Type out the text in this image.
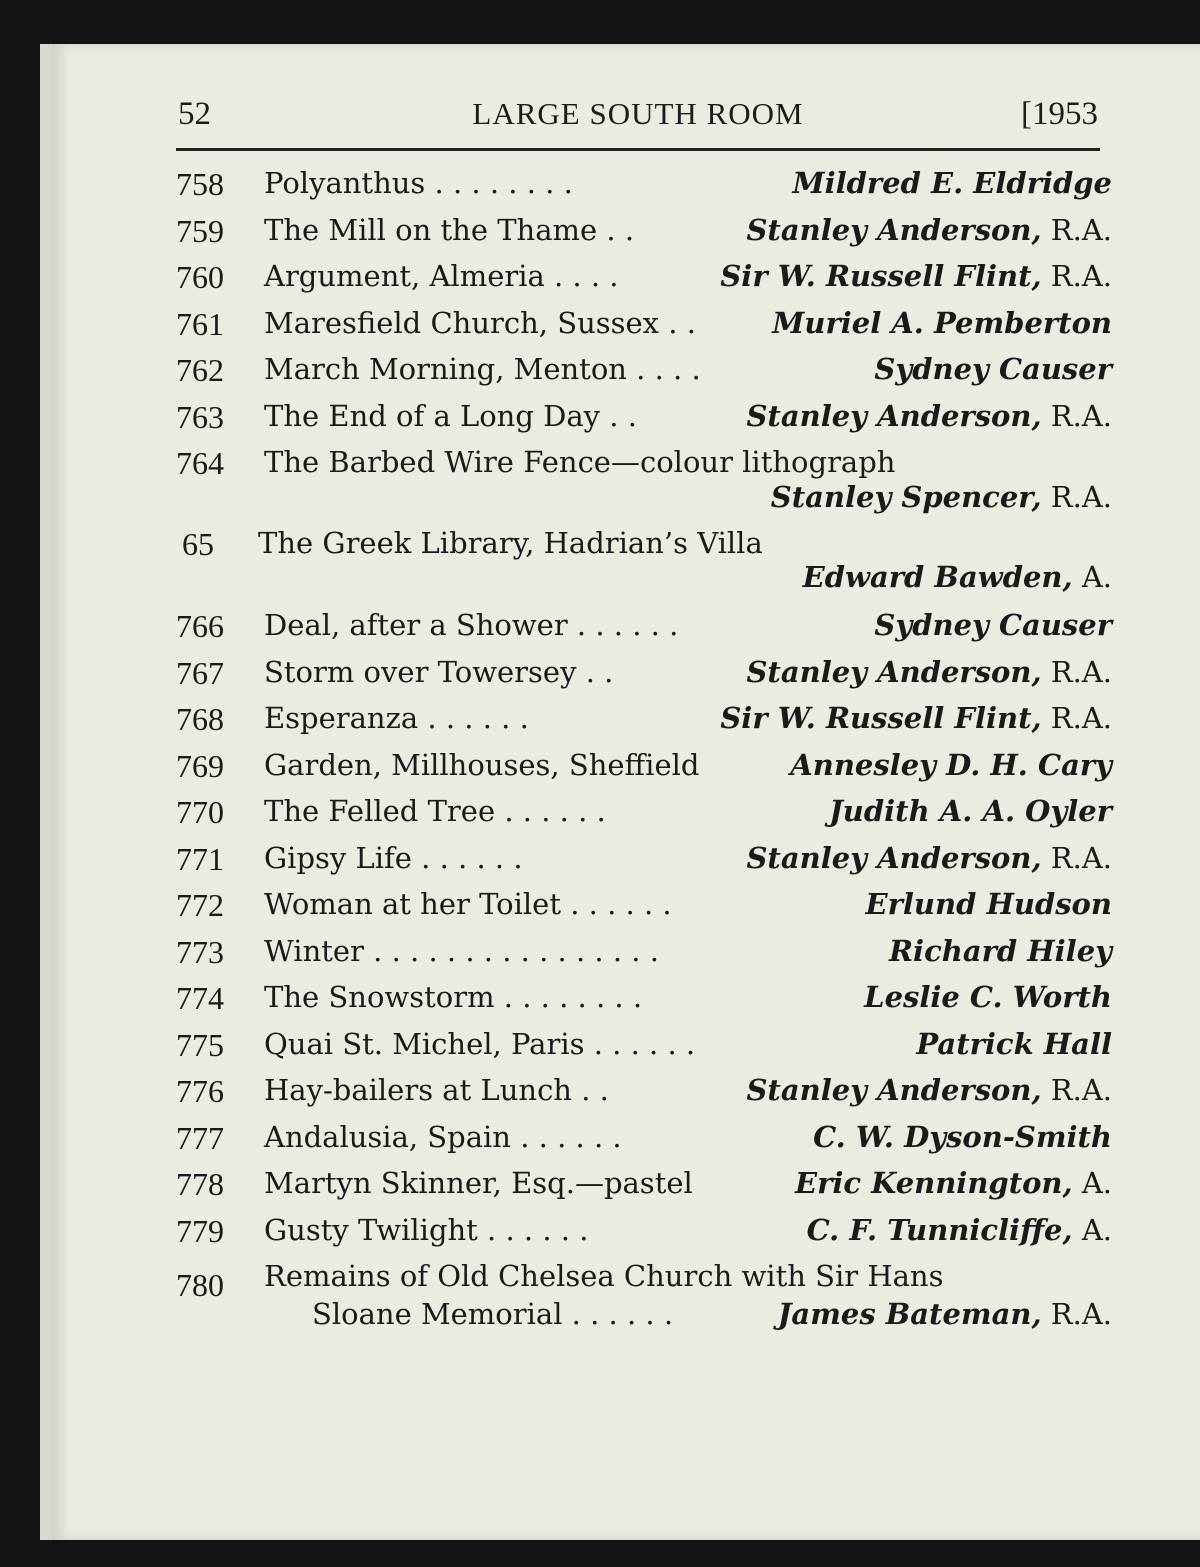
52	LARGE SOUTH ROOM	[1953
758 Polyanthus . . . . . . . .	Mildred E. Eldridge
759 The Mill on the Thame . .	Stanley Anderson, R.A.
760 Argument, Almeria . . . .	Sir W. Russell Flint, R.A.
761 Maresfield Church, Sussex . .	Muriel A. Pemberton
762 March Morning, Menton . . . .	Sydney Causer
763 The End of a Long Day . .	Stanley Anderson, R.A.
764 The Barbed Wire Fence—colour lithograph
Stanley Spencer, R.A.
65 The Greek Library, Hadrian’s Villa
Edward Bawden, A.
766 Deal, after a Shower . . . . . .	Sydney Causer
767 Storm over Towersey . .	Stanley Anderson, R.A.
768 Esperanza . . . . . .	Sir W. Russell Flint, R.A.
769 Garden, Millhouses, Sheffield	Annesley D. H. Cary
770 The Felled Tree . . . . . .	Judith A. A. Oyler
771 Gipsy Life . . . . . .	Stanley Anderson, R.A.
772 Woman at her Toilet . . . . . .	Erlund Hudson
773 Winter . . . . . . . . . . . . . . . .	Richard Hiley
774 The Snowstorm . . . . . . . .	Leslie C. Worth
775 Quai St. Michel, Paris . . . . . .	Patrick Hall
776 Hay-bailers at Lunch . .	Stanley Anderson, R.A.
777 Andalusia, Spain . . . . . .	C. W. Dyson-Smith
778 Martyn Skinner, Esq.—pastel	Eric Kennington, A.
779 Gusty Twilight . . . . . .	C. F. Tunnicliffe, A.
780 Remains of Old Chelsea Church with Sir Hans
Sloane Memorial . . . . . .	James Bateman, R.A.
